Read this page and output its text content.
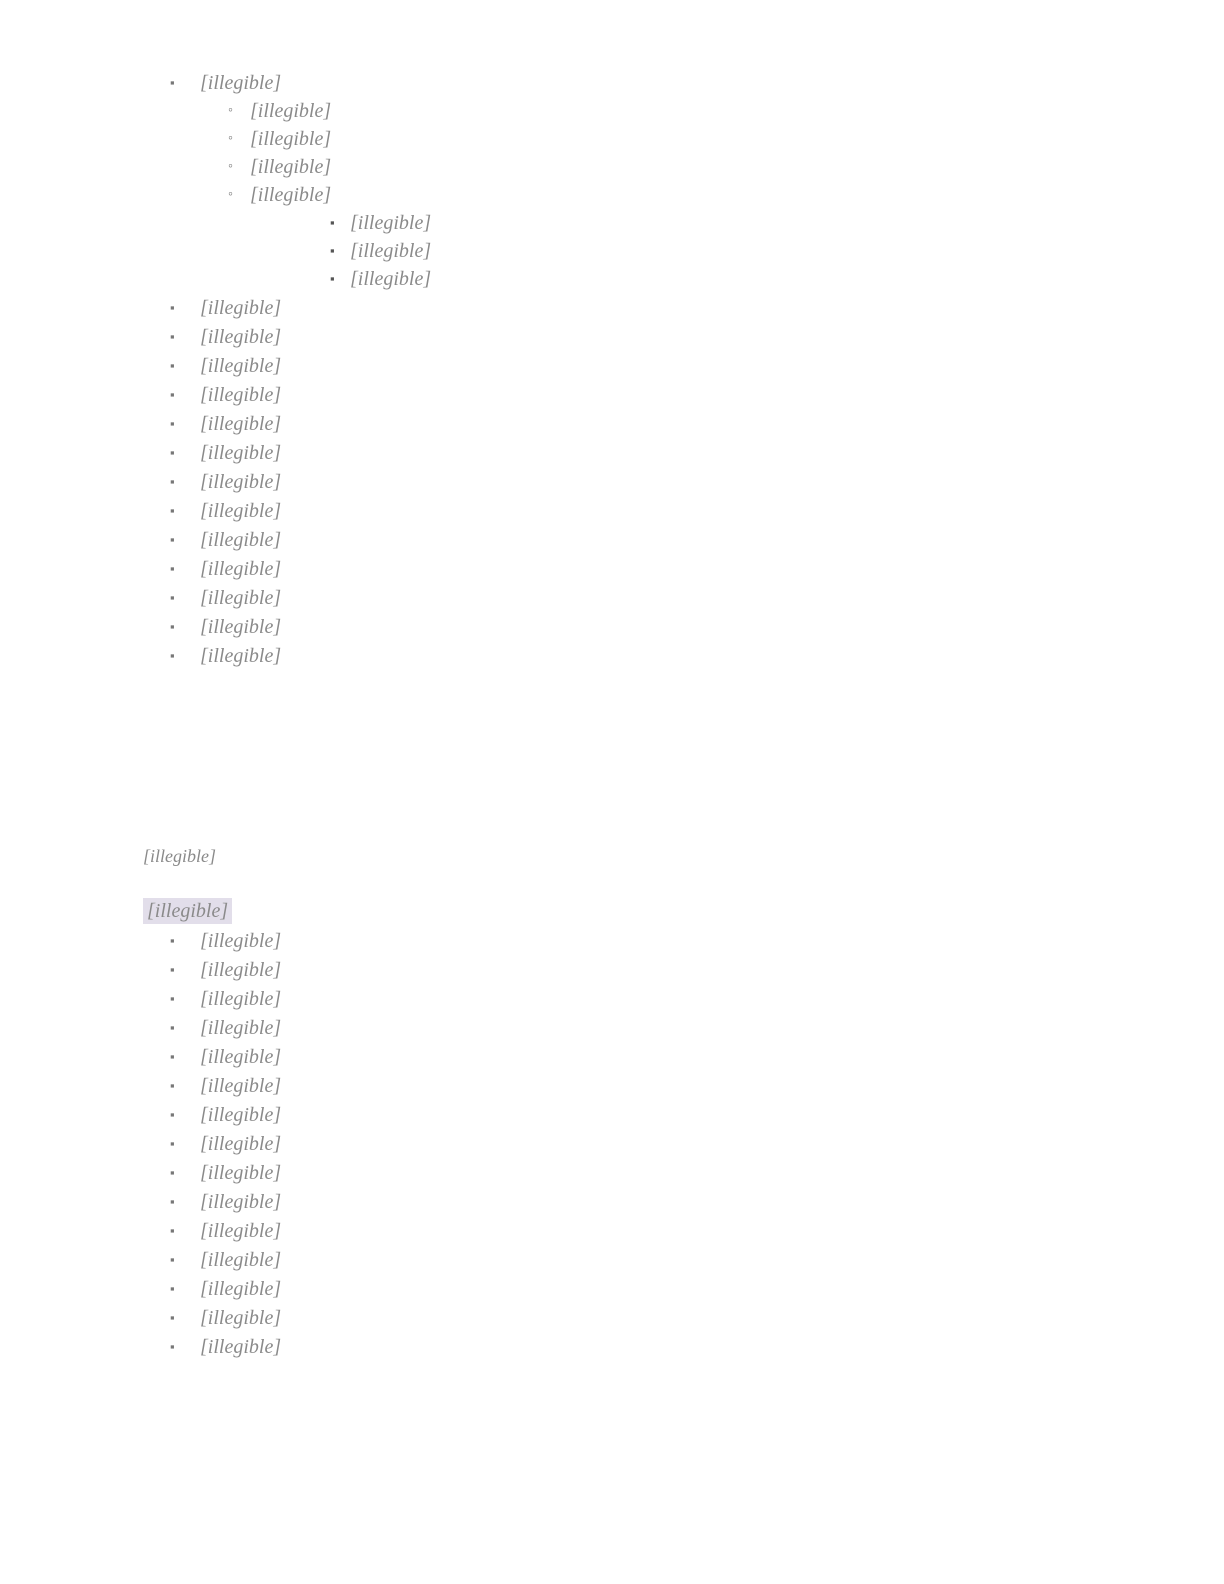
▪ [illegible]
◦ [illegible]
◦ [illegible]
◦ [illegible]
◦ [illegible]
▪ [illegible]
▪ [illegible]
▪ [illegible]
▪ [illegible]
▪ [illegible]
▪ [illegible]
▪ [illegible]
▪ [illegible]
▪ [illegible]
▪ [illegible]
▪ [illegible]
▪ [illegible]
▪ [illegible]
▪ [illegible]
▪ [illegible]
▪ [illegible]
[illegible]
[illegible]
▪ [illegible]
▪ [illegible]
▪ [illegible]
▪ [illegible]
▪ [illegible]
▪ [illegible]
▪ [illegible]
▪ [illegible]
▪ [illegible]
▪ [illegible]
▪ [illegible]
▪ [illegible]
▪ [illegible]
▪ [illegible]
▪ [illegible]
